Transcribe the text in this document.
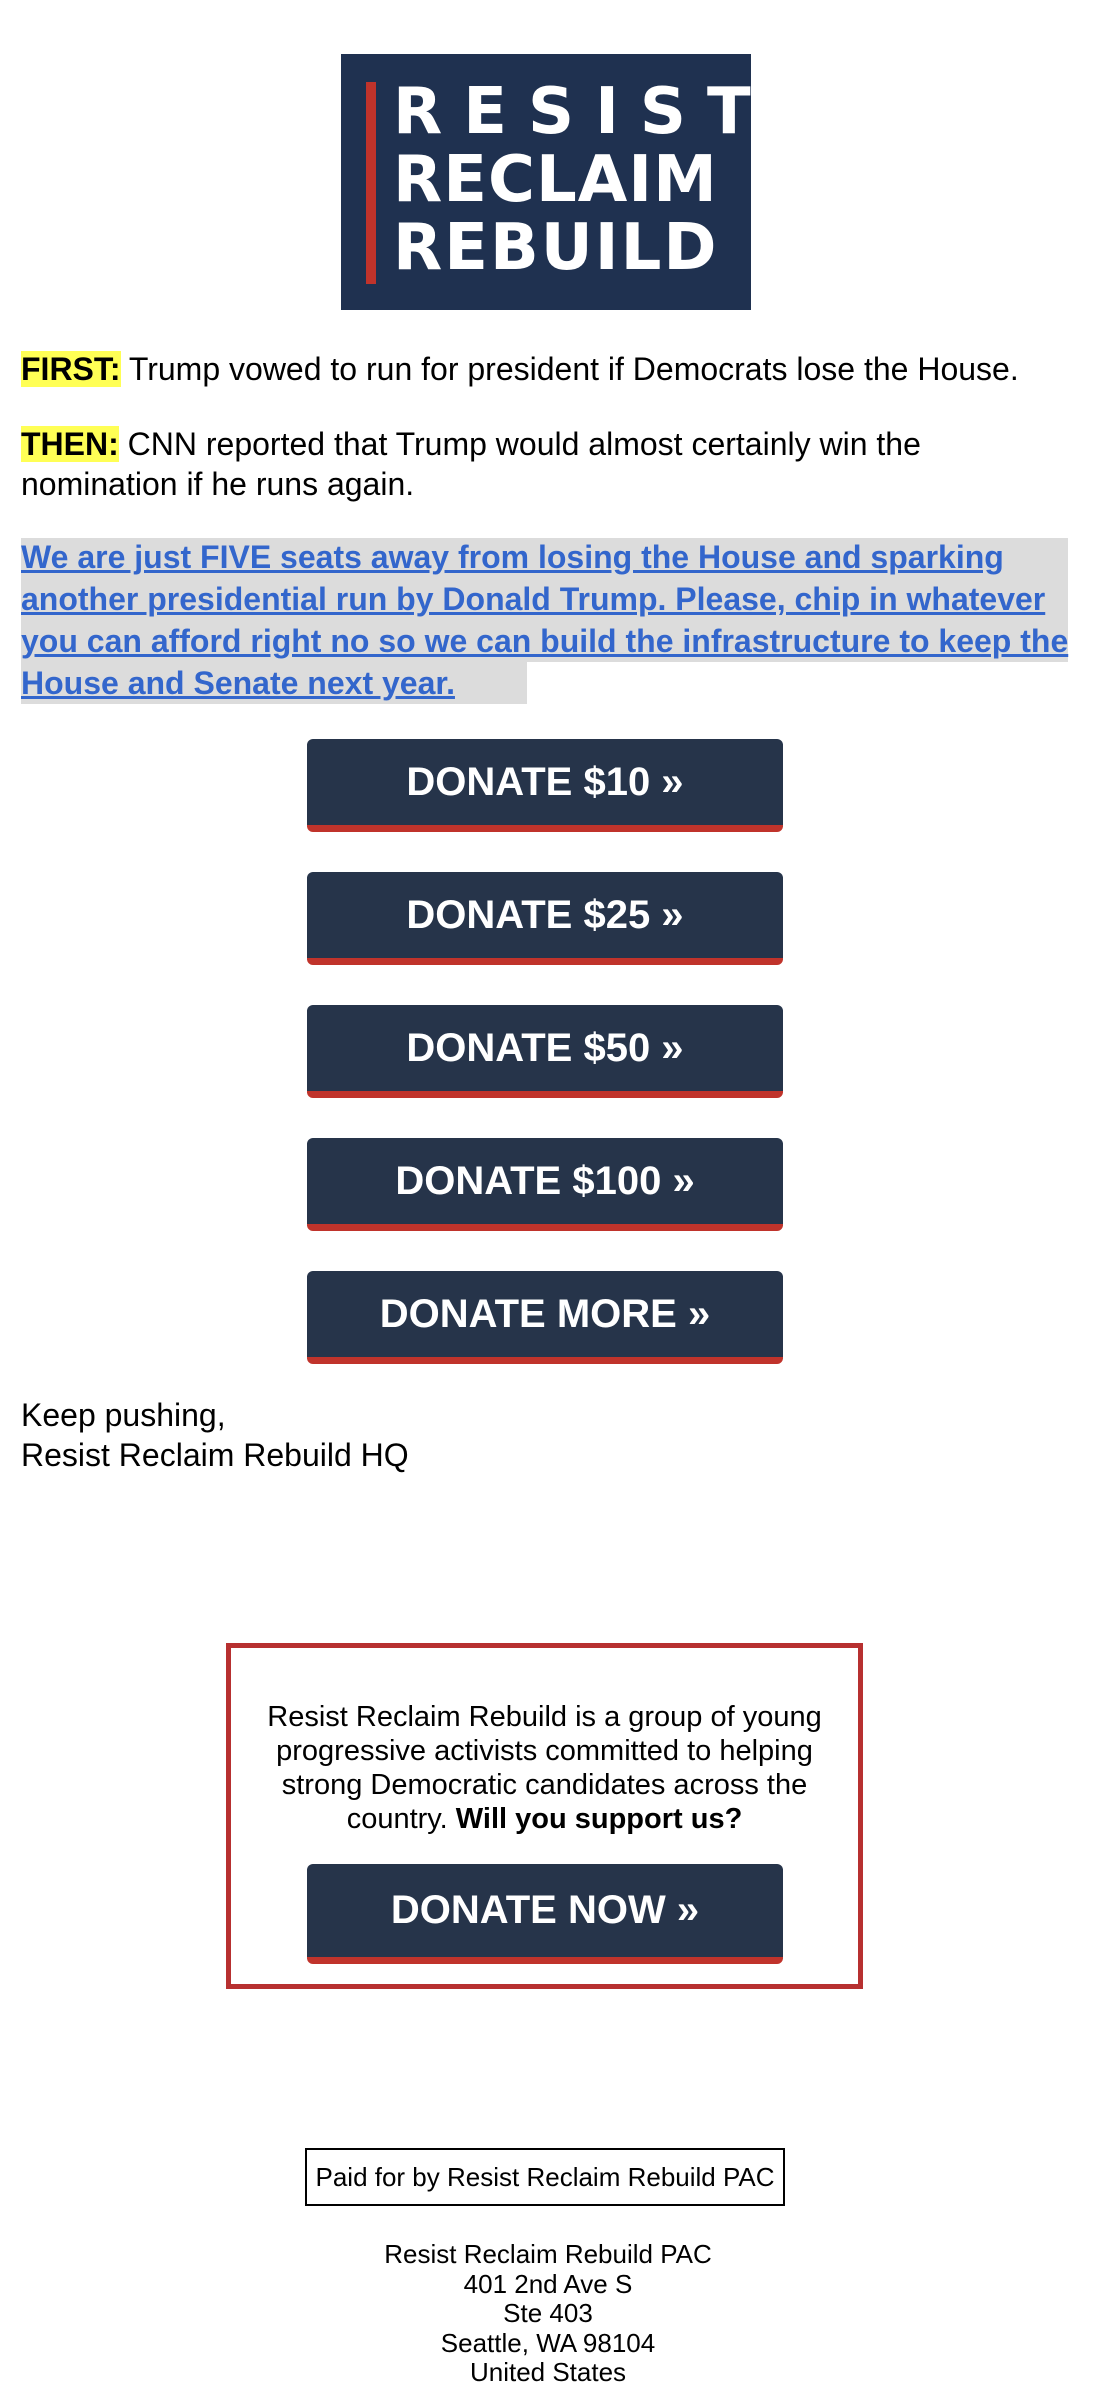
RESIST
RECLAIM
REBUILD

FIRST: Trump vowed to run for president if Democrats lose the House.

THEN: CNN reported that Trump would almost certainly win the nomination if he runs again.

We are just FIVE seats away from losing the House and sparking another presidential run by Donald Trump. Please, chip in whatever you can afford right no so we can build the infrastructure to keep the House and Senate next year.

DONATE $10 »
DONATE $25 »
DONATE $50 »
DONATE $100 »
DONATE MORE »
Keep pushing,
Resist Reclaim Rebuild HQ
Resist Reclaim Rebuild is a group of young progressive activists committed to helping strong Democratic candidates across the country. Will you support us?
DONATE NOW »
Paid for by Resist Reclaim Rebuild PAC
Resist Reclaim Rebuild PAC
401 2nd Ave S
Ste 403
Seattle, WA 98104
United States
